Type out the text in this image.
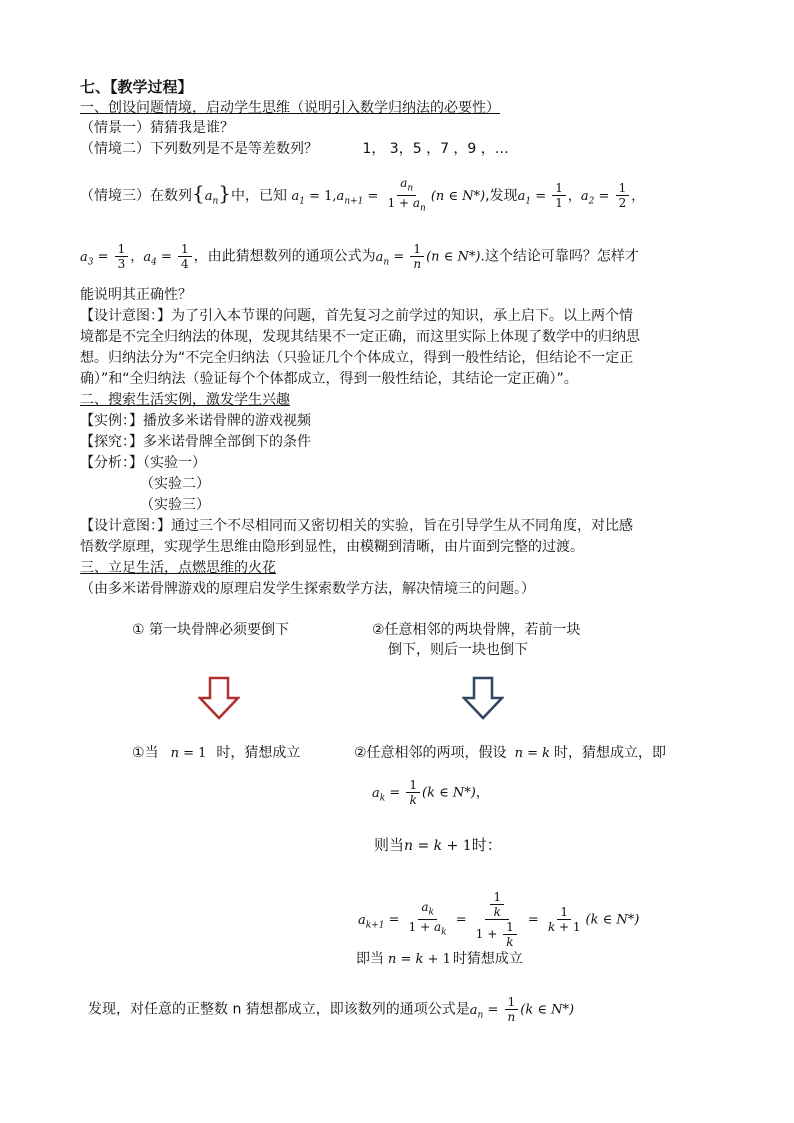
七、【教学过程】
一、创设问题情境，启动学生思维（说明引入数学归纳法的必要性）
（情景一）猜猜我是谁？
（情境二）下列数列是不是等差数列？	1， 3，5 ，7 ，9 ，…
（情境三）在数列$\{a_n\}$中，已知 $a_1 = 1,a_{n+1} = \frac{a_n}{1 + a_n} (n$ ∈ N*),发现$a_1 = \frac{1}{1}$ ，$a_2 = \frac{1}{2}$ ，
$a_3 = \frac{1}{3}$ ，$a_4 = \frac{1}{4}$ ，由此猜想数列的通项公式为$a_n = \frac{1}{n} (n$ ∈ N*).这个结论可靠吗？怎样才
能说明其正确性？
【设计意图：】为了引入本节课的问题，首先复习之前学过的知识，承上启下。以上两个情
境都是不完全归纳法的体现，发现其结果不一定正确，而这里实际上体现了数学中的归纳思
想。归纳法分为“不完全归纳法（只验证几个个体成立，得到一般性结论，但结论不一定正
确）”和“全归纳法（验证每个个体都成立，得到一般性结论，其结论一定正确）”。
二、搜索生活实例，激发学生兴趣
【实例：】播放多米诺骨牌的游戏视频
【探究：】多米诺骨牌全部倒下的条件
【分析：】（实验一）
（实验二）
（实验三）
【设计意图：】通过三个不尽相同而又密切相关的实验，旨在引导学生从不同角度，对比感
悟数学原理，实现学生思维由隐形到显性，由模糊到清晰，由片面到完整的过渡。
三、立足生活，点燃思维的火花
（由多米诺骨牌游戏的原理启发学生探索数学方法，解决情境三的问题。）
① 第一块骨牌必须要倒下	②任意相邻的两块骨牌，若前一块
倒下，则后一块也倒下
①当 n = 1 时，猜想成立	②任意相邻的两项，假设 n = k 时，猜想成立，即
$a_k = \frac{1}{k} (k$ ∈ N*)，
则当n = k + 1时：
$a_{k+1} = \frac{a_k}{1 + a_k} = \frac{\frac{1}{k}}{1 + \frac{1}{k}} = \frac{1}{k + 1} (k$ ∈ N*)
即当 n = k + 1 时猜想成立
发现，对任意的正整数 n 猜想都成立，即该数列的通项公式是$a_n = \frac{1}{n} (k$ ∈ N*)
